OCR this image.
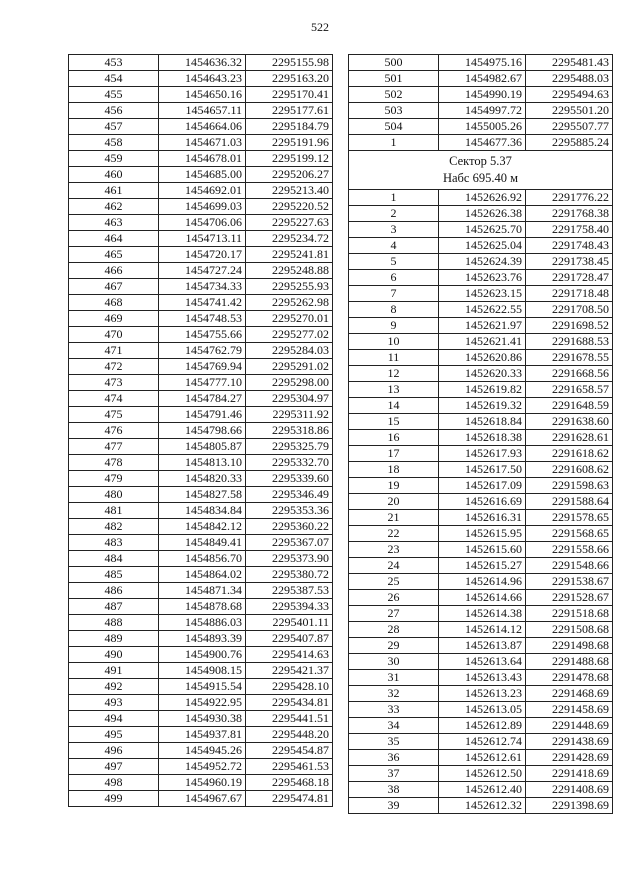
522
453	1454636.32	2295155.98
454	1454643.23	2295163.20
455	1454650.16	2295170.41
456	1454657.11	2295177.61
457	1454664.06	2295184.79
458	1454671.03	2295191.96
459	1454678.01	2295199.12
460	1454685.00	2295206.27
461	1454692.01	2295213.40
462	1454699.03	2295220.52
463	1454706.06	2295227.63
464	1454713.11	2295234.72
465	1454720.17	2295241.81
466	1454727.24	2295248.88
467	1454734.33	2295255.93
468	1454741.42	2295262.98
469	1454748.53	2295270.01
470	1454755.66	2295277.02
471	1454762.79	2295284.03
472	1454769.94	2295291.02
473	1454777.10	2295298.00
474	1454784.27	2295304.97
475	1454791.46	2295311.92
476	1454798.66	2295318.86
477	1454805.87	2295325.79
478	1454813.10	2295332.70
479	1454820.33	2295339.60
480	1454827.58	2295346.49
481	1454834.84	2295353.36
482	1454842.12	2295360.22
483	1454849.41	2295367.07
484	1454856.70	2295373.90
485	1454864.02	2295380.72
486	1454871.34	2295387.53
487	1454878.68	2295394.33
488	1454886.03	2295401.11
489	1454893.39	2295407.87
490	1454900.76	2295414.63
491	1454908.15	2295421.37
492	1454915.54	2295428.10
493	1454922.95	2295434.81
494	1454930.38	2295441.51
495	1454937.81	2295448.20
496	1454945.26	2295454.87
497	1454952.72	2295461.53
498	1454960.19	2295468.18
499	1454967.67	2295474.81
500	1454975.16	2295481.43
501	1454982.67	2295488.03
502	1454990.19	2295494.63
503	1454997.72	2295501.20
504	1455005.26	2295507.77
1	1454677.36	2295885.24
Сектор 5.37		
Набс 695.40 м		
1	1452626.92	2291776.22
2	1452626.38	2291768.38
3	1452625.70	2291758.40
4	1452625.04	2291748.43
5	1452624.39	2291738.45
6	1452623.76	2291728.47
7	1452623.15	2291718.48
8	1452622.55	2291708.50
9	1452621.97	2291698.52
10	1452621.41	2291688.53
11	1452620.86	2291678.55
12	1452620.33	2291668.56
13	1452619.82	2291658.57
14	1452619.32	2291648.59
15	1452618.84	2291638.60
16	1452618.38	2291628.61
17	1452617.93	2291618.62
18	1452617.50	2291608.62
19	1452617.09	2291598.63
20	1452616.69	2291588.64
21	1452616.31	2291578.65
22	1452615.95	2291568.65
23	1452615.60	2291558.66
24	1452615.27	2291548.66
25	1452614.96	2291538.67
26	1452614.66	2291528.67
27	1452614.38	2291518.68
28	1452614.12	2291508.68
29	1452613.87	2291498.68
30	1452613.64	2291488.68
31	1452613.43	2291478.68
32	1452613.23	2291468.69
33	1452613.05	2291458.69
34	1452612.89	2291448.69
35	1452612.74	2291438.69
36	1452612.61	2291428.69
37	1452612.50	2291418.69
38	1452612.40	2291408.69
39	1452612.32	2291398.69
